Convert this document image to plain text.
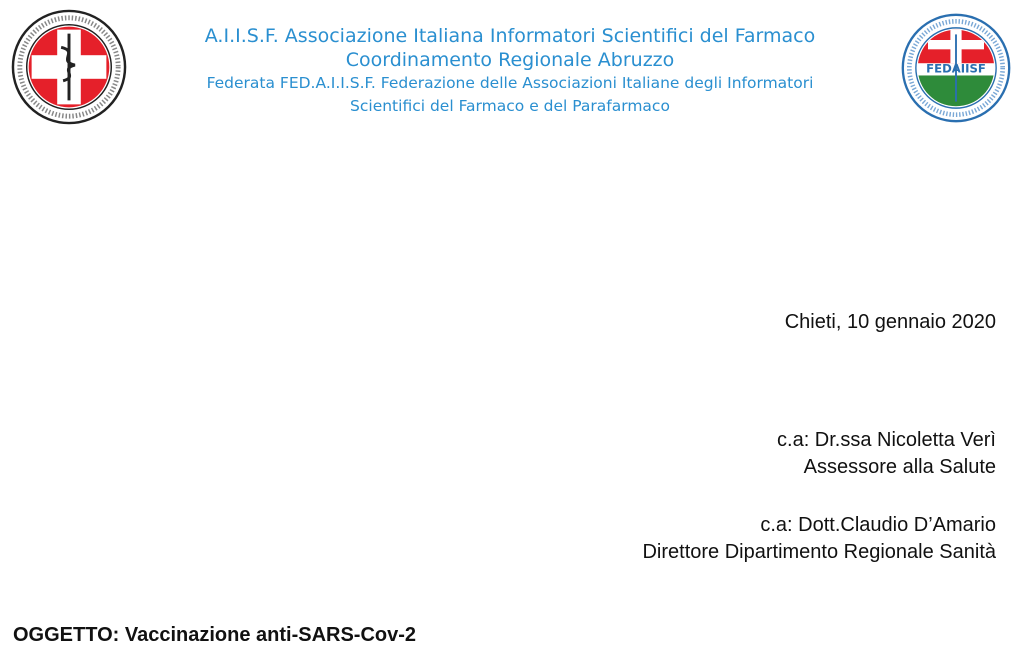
A.I.I.S.F. Associazione Italiana Informatori Scientifici del Farmaco
Coordinamento Regionale Abruzzo
Federata FED.A.I.I.S.F. Federazione delle Associazioni Italiane degli Informatori
Scientifici del Farmaco e del Parafarmaco
FEDAIISF
Chieti, 10 gennaio 2020
c.a: Dr.ssa Nicoletta Verì
Assessore alla Salute
c.a: Dott.Claudio D’Amario
Direttore Dipartimento Regionale Sanità
OGGETTO: Vaccinazione anti-SARS-Cov-2
